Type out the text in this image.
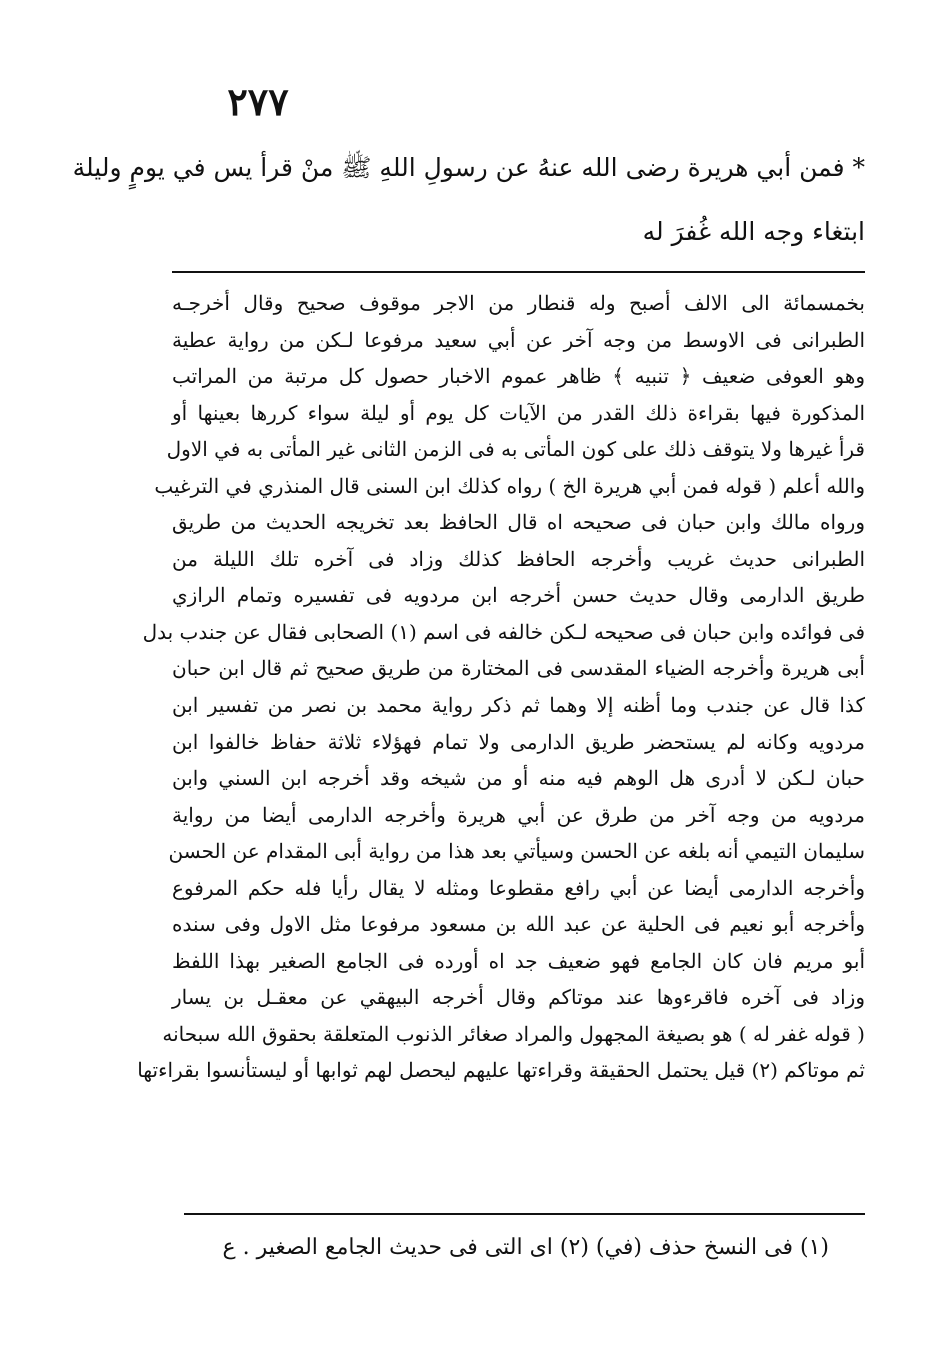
٢٧٧
* فمن أبي هريرة رضى الله عنهُ عن رسولِ اللهِ ﷺ منْ قرأ يس في يومٍ وليلة
ابتغاء وجه الله غُفرَ له
بخمسمائة الى الالف أصبح وله قنطار من الاجر موقوف صحيح وقال أخرجـه
الطبرانى فى الاوسط من وجه آخر عن أبي سعيد مرفوعا لـكن من رواية عطية
وهو العوفى ضعيف ﴿ تنبيه ﴾ ظاهر عموم الاخبار حصول كل مرتبة من المراتب
المذكورة فيها بقراءة ذلك القدر من الآيات كل يوم أو ليلة سواء كررها بعينها أو
قرأ غيرها ولا يتوقف ذلك على كون المأتى به فى الزمن الثانى غير المأتى به في الاول
والله أعلم ( قوله فمن أبي هريرة الخ ) رواه كذلك ابن السنى قال المنذري في الترغيب
ورواه مالك وابن حبان فى صحيحه اه قال الحافظ بعد تخريجه الحديث من طريق
الطبرانى حديث غريب وأخرجه الحافظ كذلك وزاد فى آخره تلك الليلة من
طريق الدارمى وقال حديث حسن أخرجه ابن مردويه فى تفسيره وتمام الرازي
فى فوائده وابن حبان فى صحيحه لـكن خالفه فى اسم (١) الصحابى فقال عن جندب بدل
أبى هريرة وأخرجه الضياء المقدسى فى المختارة من طريق صحيح ثم قال ابن حبان
كذا قال عن جندب وما أظنه إلا وهما ثم ذكر رواية محمد بن نصر من تفسير ابن
مردويه وكانه لم يستحضر طريق الدارمى ولا تمام فهؤلاء ثلاثة حفاظ خالفوا ابن
حبان لـكن لا أدرى هل الوهم فيه منه أو من شيخه وقد أخرجه ابن السني وابن
مردويه من وجه آخر من طرق عن أبي هريرة وأخرجه الدارمى أيضا من رواية
سليمان التيمي أنه بلغه عن الحسن وسيأتي بعد هذا من رواية أبى المقدام عن الحسن
وأخرجه الدارمى أيضا عن أبي رافع مقطوعا ومثله لا يقال رأيا فله حكم المرفوع
وأخرجه أبو نعيم فى الحلية عن عبد الله بن مسعود مرفوعا مثل الاول وفى سنده
أبو مريم فان كان الجامع فهو ضعيف جد اه أورده فى الجامع الصغير بهذا اللفظ
وزاد فى آخره فاقرءوها عند موتاكم وقال أخرجه البيهقي عن معقـل بن يسار
( قوله غفر له ) هو بصيغة المجهول والمراد صغائر الذنوب المتعلقة بحقوق الله سبحانه
ثم موتاكم (٢) قيل يحتمل الحقيقة وقراءتها عليهم ليحصل لهم ثوابها أو ليستأنسوا بقراءتها
(١) فى النسخ حذف (في) (٢) اى التى فى حديث الجامع الصغير . ع
